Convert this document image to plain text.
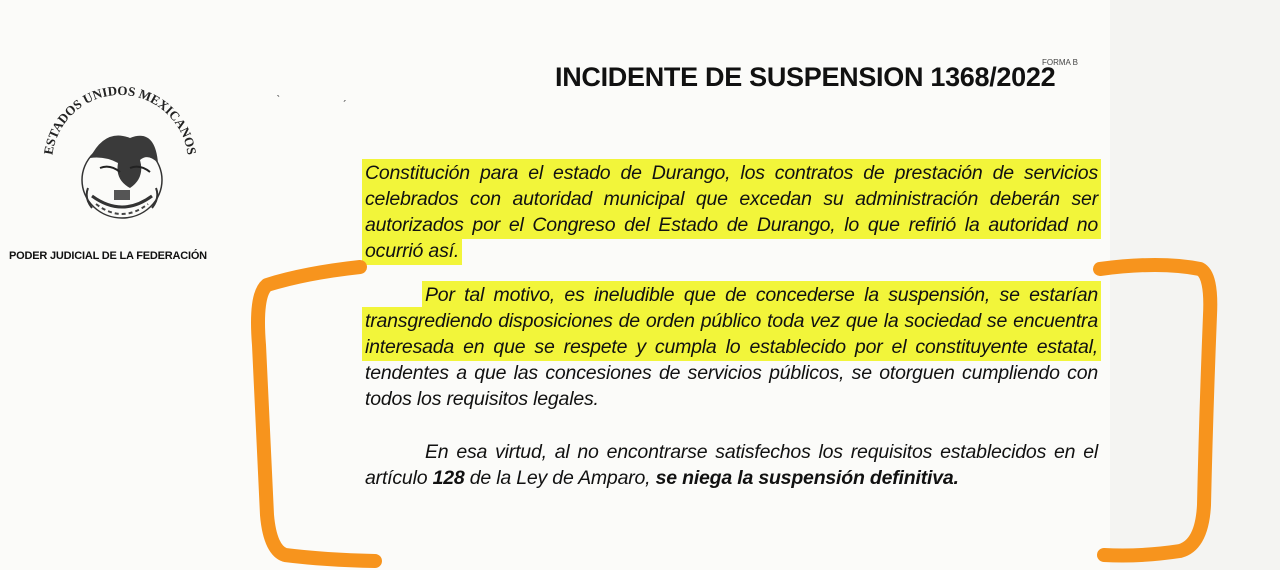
ESTADOS UNIDOS MEXICANOS
PODER JUDICIAL DE LA FEDERACIÓN
INCIDENTE DE SUSPENSION 1368/2022
FORMA B
ˋ	ˏ

Constitución para el estado de Durango, los contratos de prestación de servicios celebrados con autoridad municipal que excedan su administración deberán ser autorizados por el Congreso del Estado de Durango, lo que refirió la autoridad no ocurrió así.

Por tal motivo, es ineludible que de concederse la suspensión, se estarían transgrediendo disposiciones de orden público toda vez que la sociedad se encuentra interesada en que se respete y cumpla lo establecido por el constituyente estatal, tendentes a que las concesiones de servicios públicos, se otorguen cumpliendo con todos los requisitos legales.

En esa virtud, al no encontrarse satisfechos los requisitos establecidos en el artículo 128 de la Ley de Amparo, se niega la suspensión definitiva.
